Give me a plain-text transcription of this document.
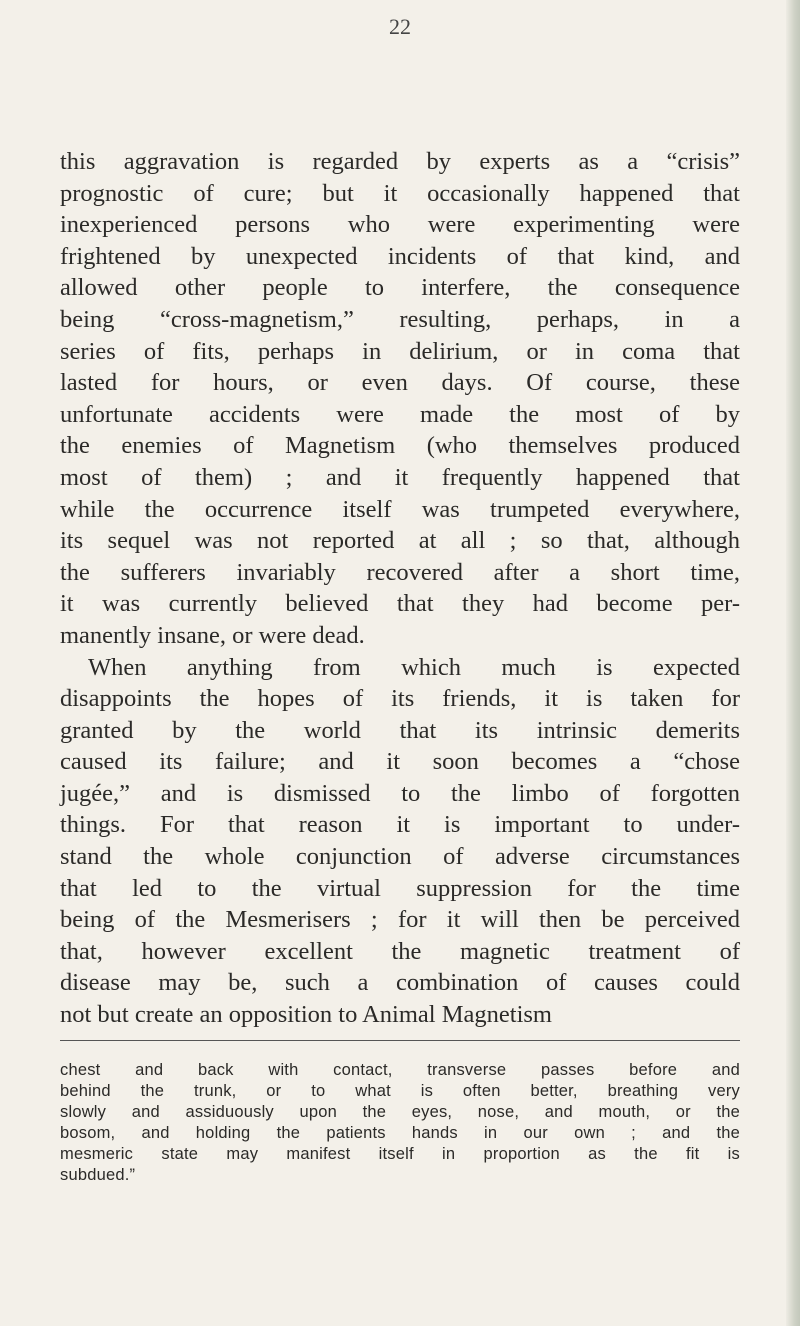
22
this aggravation is regarded by experts as a “crisis”
prognostic of cure; but it occasionally happened that
inexperienced persons who were experimenting were
frightened by unexpected incidents of that kind, and
allowed other people to interfere, the consequence
being “cross-magnetism,” resulting, perhaps, in a
series of fits, perhaps in delirium, or in coma that
lasted for hours, or even days. Of course, these
unfortunate accidents were made the most of by
the enemies of Magnetism (who themselves produced
most of them) ; and it frequently happened that
while the occurrence itself was trumpeted everywhere,
its sequel was not reported at all ; so that, although
the sufferers invariably recovered after a short time,
it was currently believed that they had become per-
manently insane, or were dead.
When anything from which much is expected
disappoints the hopes of its friends, it is taken for
granted by the world that its intrinsic demerits
caused its failure; and it soon becomes a “chose
jugée,” and is dismissed to the limbo of forgotten
things. For that reason it is important to under-
stand the whole conjunction of adverse circumstances
that led to the virtual suppression for the time
being of the Mesmerisers ; for it will then be perceived
that, however excellent the magnetic treatment of
disease may be, such a combination of causes could
not but create an opposition to Animal Magnetism
chest and back with contact, transverse passes before and
behind the trunk, or to what is often better, breathing very
slowly and assiduously upon the eyes, nose, and mouth, or the
bosom, and holding the patients hands in our own ; and the
mesmeric state may manifest itself in proportion as the fit is
subdued.”
